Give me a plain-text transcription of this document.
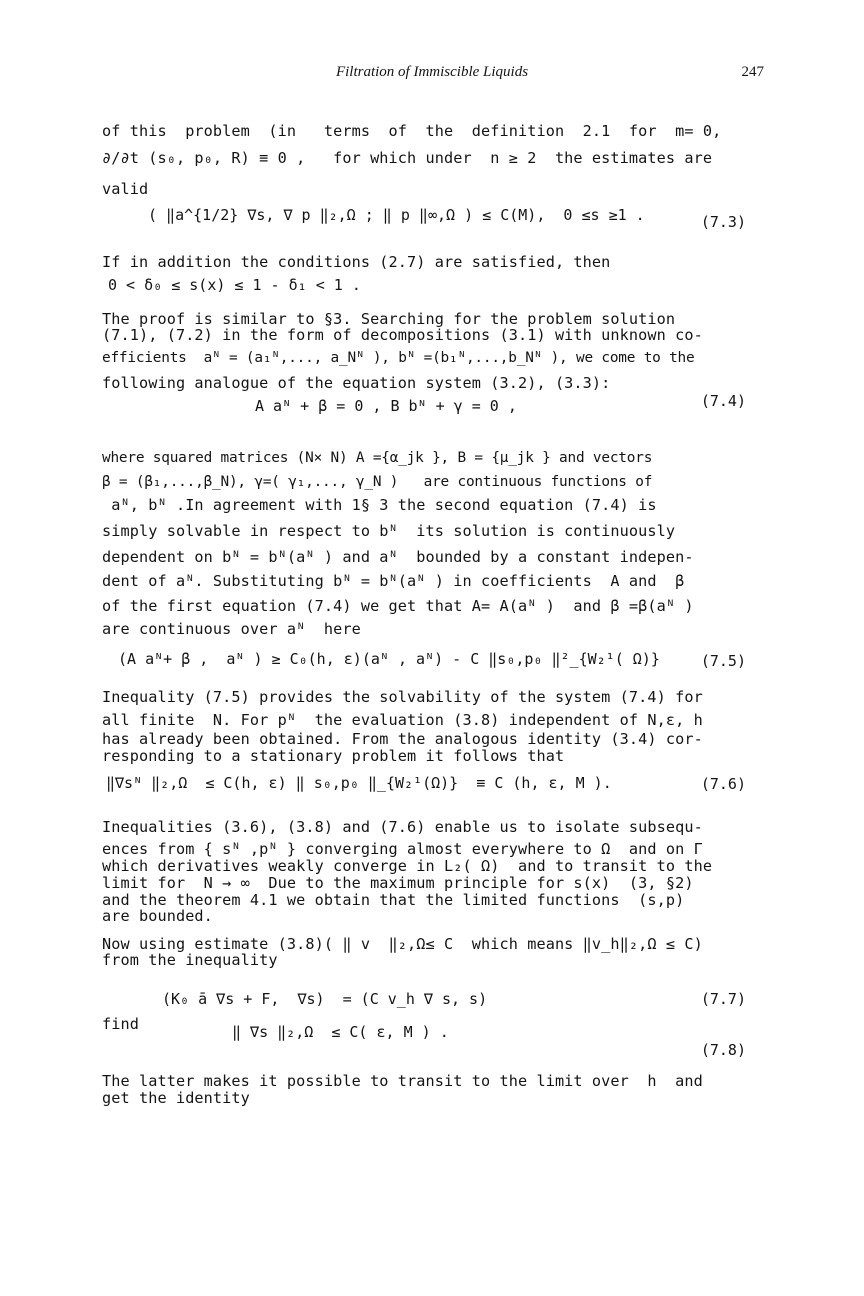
Filtration of Immiscible Liquids	247
of this  problem  (in   terms  of  the  definition  2.1  for  m= 0,
∂/∂t (s₀, p₀, R) ≡ 0 ,   for which under  n ≥ 2  the estimates are
valid
( ‖a^{1/2} ∇s, ∇ p ‖₂,Ω ; ‖ p ‖∞,Ω ) ≤ C(M),  0 ≤s ≥1 .	(7.3)
If in addition the conditions (2.7) are satisfied, then
0 < δ₀ ≤ s(x) ≤ 1 - δ₁ < 1 .
The proof is similar to §3. Searching for the problem solution
(7.1), (7.2) in the form of decompositions (3.1) with unknown co-
efficients  aᴺ = (a₁ᴺ,..., a_Nᴺ ), bᴺ =(b₁ᴺ,...,b_Nᴺ ), we come to the
following analogue of the equation system (3.2), (3.3):
A aᴺ + β = 0 , B bᴺ + γ = 0 ,	(7.4)
where squared matrices (N× N) A ={α_jk }, B = {μ_jk } and vectors
β = (β₁,...,β_N), γ=( γ₁,..., γ_N )   are continuous functions of
aᴺ, bᴺ .In agreement with 1§ 3 the second equation (7.4) is
simply solvable in respect to bᴺ  its solution is continuously
dependent on bᴺ = bᴺ(aᴺ ) and aᴺ  bounded by a constant indepen-
dent of aᴺ. Substituting bᴺ = bᴺ(aᴺ ) in coefficients  A and  β
of the first equation (7.4) we get that A= A(aᴺ )  and β =β(aᴺ )
are continuous over aᴺ  here
(A aᴺ+ β ,  aᴺ ) ≥ C₀(h, ε)(aᴺ , aᴺ) - C ‖s₀,p₀ ‖²_{W₂¹( Ω)}	(7.5)
Inequality (7.5) provides the solvability of the system (7.4) for
all finite  N. For pᴺ  the evaluation (3.8) independent of N,ε, h
has already been obtained. From the analogous identity (3.4) cor-
responding to a stationary problem it follows that
‖∇sᴺ ‖₂,Ω  ≤ C(h, ε) ‖ s₀,p₀ ‖_{W₂¹(Ω)}  ≡ C (h, ε, M ).	(7.6)
Inequalities (3.6), (3.8) and (7.6) enable us to isolate subsequ-
ences from { sᴺ ,pᴺ } converging almost everywhere to Ω  and on Γ
which derivatives weakly converge in L₂( Ω)  and to transit to the
limit for  N → ∞  Due to the maximum principle for s(x)  (3, §2)
and the theorem 4.1 we obtain that the limited functions  (s,p)
are bounded.
Now using estimate (3.8)( ‖ v  ‖₂,Ω≤ C  which means ‖v_h‖₂,Ω ≤ C)
from the inequality
(K₀ ā ∇s + F,  ∇s)  = (C v_h ∇ s, s)	(7.7)
find	‖ ∇s ‖₂,Ω  ≤ C( ε, M ) .
(7.8)
The latter makes it possible to transit to the limit over  h  and
get the identity
